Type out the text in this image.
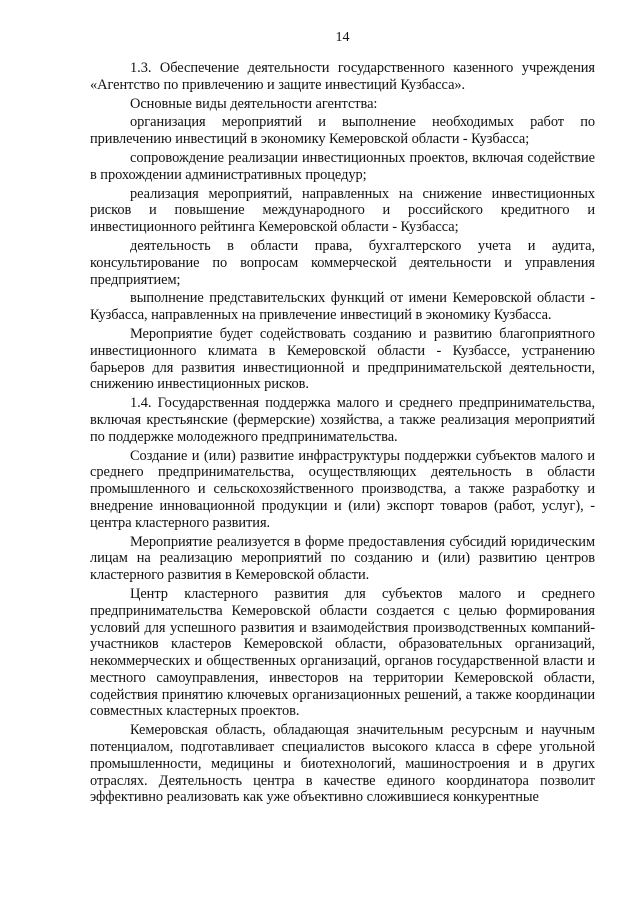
14

1.3. Обеспечение деятельности государственного казенного учреждения «Агентство по привлечению и защите инвестиций Кузбасса».

Основные виды деятельности агентства:

организация мероприятий и выполнение необходимых работ по привлечению инвестиций в экономику Кемеровской области - Кузбасса;

сопровождение реализации инвестиционных проектов, включая содействие в прохождении административных процедур;

реализация мероприятий, направленных на снижение инвестиционных рисков и повышение международного и российского кредитного и инвестиционного рейтинга Кемеровской области - Кузбасса;

деятельность в области права, бухгалтерского учета и аудита, консультирование по вопросам коммерческой деятельности и управления предприятием;

выполнение представительских функций от имени Кемеровской области - Кузбасса, направленных на привлечение инвестиций в экономику Кузбасса.

Мероприятие будет содействовать созданию и развитию благоприятного инвестиционного климата в Кемеровской области - Кузбассе, устранению барьеров для развития инвестиционной и предпринимательской деятельности, снижению инвестиционных рисков.

1.4. Государственная поддержка малого и среднего предпринимательства, включая крестьянские (фермерские) хозяйства, а также реализация мероприятий по поддержке молодежного предпринимательства.

Создание и (или) развитие инфраструктуры поддержки субъектов малого и среднего предпринимательства, осуществляющих деятельность в области промышленного и сельскохозяйственного производства, а также разработку и внедрение инновационной продукции и (или) экспорт товаров (работ, услуг), - центра кластерного развития.

Мероприятие реализуется в форме предоставления субсидий юридическим лицам на реализацию мероприятий по созданию и (или) развитию центров кластерного развития в Кемеровской области.

Центр кластерного развития для субъектов малого и среднего предпринимательства Кемеровской области создается с целью формирования условий для успешного развития и взаимодействия производственных компаний-участников кластеров Кемеровской области, образовательных организаций, некоммерческих и общественных организаций, органов государственной власти и местного самоуправления, инвесторов на территории Кемеровской области, содействия принятию ключевых организационных решений, а также координации совместных кластерных проектов.

Кемеровская область, обладающая значительным ресурсным и научным потенциалом, подготавливает специалистов высокого класса в сфере угольной промышленности, медицины и биотехнологий, машиностроения и в других отраслях. Деятельность центра в качестве единого координатора позволит эффективно реализовать как уже объективно сложившиеся конкурентные
